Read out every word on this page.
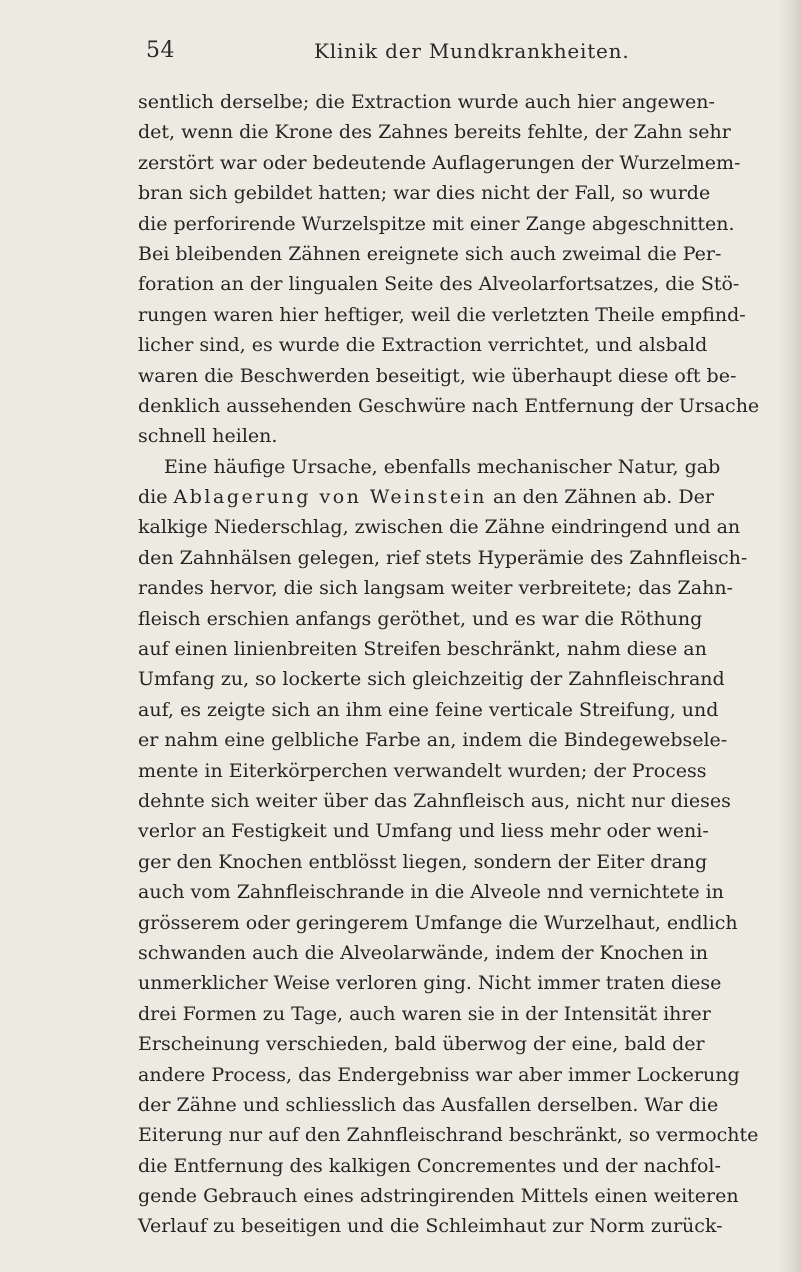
54	Klinik der Mundkrankheiten.
sentlich derselbe; die Extraction wurde auch hier angewen-
det, wenn die Krone des Zahnes bereits fehlte, der Zahn sehr
zerstört war oder bedeutende Auflagerungen der Wurzelmem-
bran sich gebildet hatten; war dies nicht der Fall, so wurde
die perforirende Wurzelspitze mit einer Zange abgeschnitten.
Bei bleibenden Zähnen ereignete sich auch zweimal die Per-
foration an der lingualen Seite des Alveolarfortsatzes, die Stö-
rungen waren hier heftiger, weil die verletzten Theile empfind-
licher sind, es wurde die Extraction verrichtet, und alsbald
waren die Beschwerden beseitigt, wie überhaupt diese oft be-
denklich aussehenden Geschwüre nach Entfernung der Ursache
schnell heilen.
Eine häufige Ursache, ebenfalls mechanischer Natur, gab
die Ablagerung von Weinstein an den Zähnen ab. Der
kalkige Niederschlag, zwischen die Zähne eindringend und an
den Zahnhälsen gelegen, rief stets Hyperämie des Zahnfleisch-
randes hervor, die sich langsam weiter verbreitete; das Zahn-
fleisch erschien anfangs geröthet, und es war die Röthung
auf einen linienbreiten Streifen beschränkt, nahm diese an
Umfang zu, so lockerte sich gleichzeitig der Zahnfleischrand
auf, es zeigte sich an ihm eine feine verticale Streifung, und
er nahm eine gelbliche Farbe an, indem die Bindegewebsele-
mente in Eiterkörperchen verwandelt wurden; der Process
dehnte sich weiter über das Zahnfleisch aus, nicht nur dieses
verlor an Festigkeit und Umfang und liess mehr oder weni-
ger den Knochen entblösst liegen, sondern der Eiter drang
auch vom Zahnfleischrande in die Alveole nnd vernichtete in
grösserem oder geringerem Umfange die Wurzelhaut, endlich
schwanden auch die Alveolarwände, indem der Knochen in
unmerklicher Weise verloren ging. Nicht immer traten diese
drei Formen zu Tage, auch waren sie in der Intensität ihrer
Erscheinung verschieden, bald überwog der eine, bald der
andere Process, das Endergebniss war aber immer Lockerung
der Zähne und schliesslich das Ausfallen derselben. War die
Eiterung nur auf den Zahnfleischrand beschränkt, so vermochte
die Entfernung des kalkigen Concrementes und der nachfol-
gende Gebrauch eines adstringirenden Mittels einen weiteren
Verlauf zu beseitigen und die Schleimhaut zur Norm zurück-
